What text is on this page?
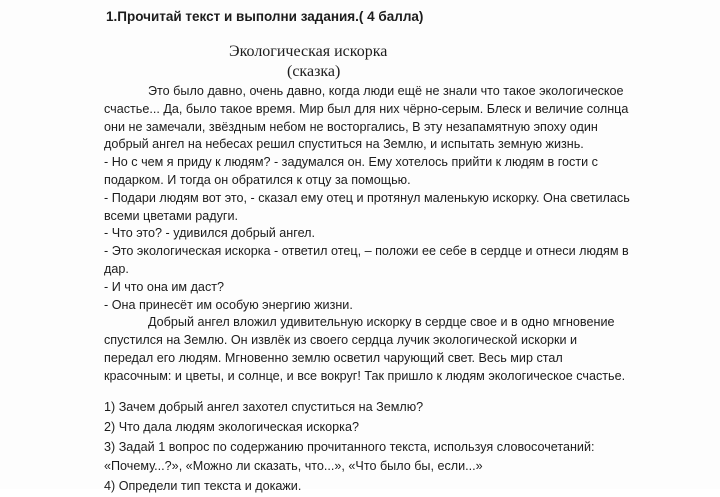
1.Прочитай текст и выполни задания.( 4 балла)
Экологическая искорка
(сказка)
Это было давно, очень давно, когда люди ещё не знали что такое экологическое
счастье... Да, было такое время. Мир был для них чёрно-серым. Блеск и величие солнца
они не замечали, звёздным небом не восторгались, В эту незапамятную эпоху один
добрый ангел на небесах решил спуститься на Землю, и испытать земную жизнь.
- Но с чем я приду к людям? - задумался он. Ему хотелось прийти к людям в гости с
подарком. И тогда он обратился к отцу за помощью.
- Подари людям вот это, - сказал ему отец и протянул маленькую искорку. Она светилась
всеми цветами радуги.
- Что это? - удивился добрый ангел.
- Это экологическая искорка - ответил отец, – положи ее себе в сердце и отнеси людям в
дар.
- И что она им даст?
- Она принесёт им особую энергию жизни.
Добрый ангел вложил удивительную искорку в сердце свое и в одно мгновение
спустился на Землю. Он извлёк из своего сердца лучик экологической искорки и
передал его людям. Мгновенно землю осветил чарующий свет. Весь мир стал
красочным: и цветы, и солнце, и все вокруг! Так пришло к людям экологическое счастье.
1) Зачем добрый ангел захотел спуститься на Землю?
2) Что дала людям экологическая искорка?
3) Задай 1 вопрос по содержанию прочитанного текста, используя словосочетаний:
«Почему...?», «Можно ли сказать, что...», «Что было бы, если...»
4) Определи тип текста и докажи.
